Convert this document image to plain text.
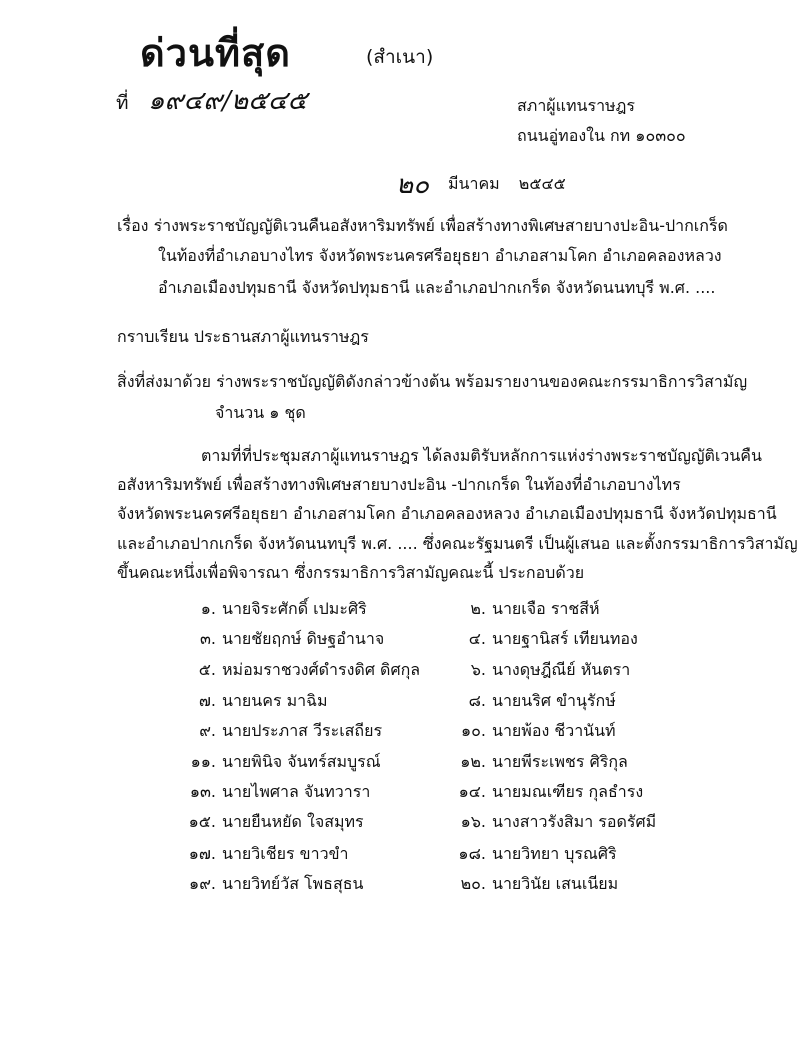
ด่วนที่สุด	(สำเนา)
ที่ ๑๙๔๙/๒๕๔๕	สภาผู้แทนราษฎร
ถนนอู่ทองใน กท ๑๐๓๐๐
๒๐ มีนาคม ๒๕๔๕
เรื่อง ร่างพระราชบัญญัติเวนคืนอสังหาริมทรัพย์ เพื่อสร้างทางพิเศษสายบางปะอิน-ปากเกร็ด
ในท้องที่อำเภอบางไทร จังหวัดพระนครศรีอยุธยา อำเภอสามโคก อำเภอคลองหลวง
อำเภอเมืองปทุมธานี จังหวัดปทุมธานี และอำเภอปากเกร็ด จังหวัดนนทบุรี พ.ศ. ....
กราบเรียน ประธานสภาผู้แทนราษฎร
สิ่งที่ส่งมาด้วย ร่างพระราชบัญญัติดังกล่าวข้างต้น พร้อมรายงานของคณะกรรมาธิการวิสามัญ
จำนวน ๑ ชุด
ตามที่ที่ประชุมสภาผู้แทนราษฎร ได้ลงมติรับหลักการแห่งร่างพระราชบัญญัติเวนคืน
อสังหาริมทรัพย์ เพื่อสร้างทางพิเศษสายบางปะอิน -ปากเกร็ด ในท้องที่อำเภอบางไทร
จังหวัดพระนครศรีอยุธยา อำเภอสามโคก อำเภอคลองหลวง อำเภอเมืองปทุมธานี จังหวัดปทุมธานี
และอำเภอปากเกร็ด จังหวัดนนทบุรี พ.ศ. .... ซึ่งคณะรัฐมนตรี เป็นผู้เสนอ และตั้งกรรมาธิการวิสามัญ
ขึ้นคณะหนึ่งเพื่อพิจารณา ซึ่งกรรมาธิการวิสามัญคณะนี้ ประกอบด้วย
๑. นายจิระศักดิ์ เปมะศิริ	๒. นายเจือ ราชสีห์
๓. นายชัยฤกษ์ ดิษฐอำนาจ	๔. นายฐานิสร์ เทียนทอง
๕. หม่อมราชวงศ์ดำรงดิศ ดิศกุล	๖. นางดุษฎีณีย์ หันตรา
๗. นายนคร มาฉิม	๘. นายนริศ ขำนุรักษ์
๙. นายประภาส วีระเสถียร	๑๐. นายพ้อง ชีวานันท์
๑๑. นายพินิจ จันทร์สมบูรณ์	๑๒. นายพีระเพชร ศิริกุล
๑๓. นายไพศาล จันทวารา	๑๔. นายมณเฑียร กุลธำรง
๑๕. นายยืนหยัด ใจสมุทร	๑๖. นางสาวรังสิมา รอดรัศมี
๑๗. นายวิเชียร ขาวขำ	๑๘. นายวิทยา บุรณศิริ
๑๙. นายวิทย์วัส โพธสุธน	๒๐. นายวินัย เสนเนียม
